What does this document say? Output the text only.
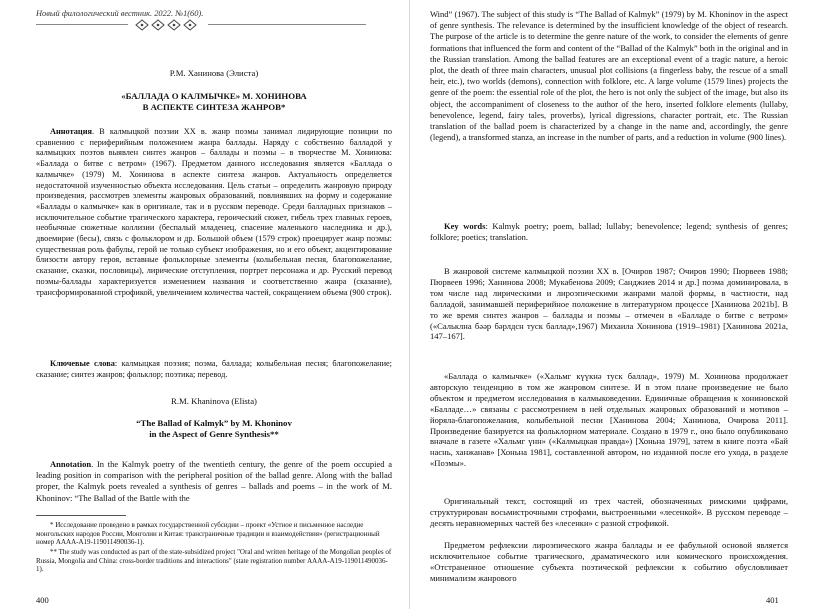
Новый филологический вестник. 2022. №1(60).
Р.М. Ханинова (Элиста)
«БАЛЛАДА О КАЛМЫЧКЕ» М. ХОНИНОВА
В АСПЕКТЕ СИНТЕЗА ЖАНРОВ*
Аннотация. В калмыцкой поэзии XX в. жанр поэмы занимал лидирующие позиции по сравнению с периферийным положением жанра баллады. Наряду с собственно балладой у калмыцких поэтов выявлен синтез жанров – баллады и поэмы – в творчестве М. Хонинова: «Баллада о битве с ветром» (1967). Предметом данного исследования является «Баллада о калмычке» (1979) М. Хонинова в аспекте синтеза жанров. Актуальность определяется недостаточной изученностью объекта исследования. Цель статьи – определить жанровую природу произведения, рассмотрев элементы жанровых образований, повлиявших на форму и содержание «Баллады о калмычке» как в оригинале, так и в русском переводе. Среди балладных признаков – исключительное событие трагического характера, героический сюжет, гибель трех главных героев, необычные сюжетные коллизии (беспалый младенец, спасение маленького наследника и др.), двоемирие (бесы), связь с фольклором и др. Большой объем (1579 строк) проецирует жанр поэмы: существенная роль фабулы, герой не только субъект изображения, но и его объект, акцентирование близости автору героя, вставные фольклорные элементы (колыбельная песня, благопожелание, сказание, сказки, пословицы), лирические отступления, портрет персонажа и др. Русский перевод поэмы-баллады характеризуется изменением названия и соответственно жанра (сказание), трансформированной строфикой, увеличением количества частей, сокращением объема (900 строк).
Ключевые слова: калмыцкая поэзия; поэма, баллада; колыбельная песня; благопожелание; сказание; синтез жанров; фольклор; поэтика; перевод.
R.M. Khaninova (Elista)
“The Ballad of Kalmyk” by M. Khoninov
in the Aspect of Genre Synthesis**
Annotation. In the Kalmyk poetry of the twentieth century, the genre of the poem occupied a leading position in comparison with the peripheral position of the ballad genre. Along with the ballad proper, the Kalmyk poets revealed a synthesis of genres – ballads and poems – in the work of M. Khoninov: “The Ballad of the Battle with the
* Исследование проведено в рамках государственной субсидии – проект «Устное и письменное наследие монгольских народов России, Монголии и Китая: трансграничные традиции и взаимодействия» (регистрационный номер АААА-А19-119011490036-1).
** The study was conducted as part of the state-subsidized project "Oral and written heritage of the Mongolian peoples of Russia, Mongolia and China: cross-border traditions and interactions" (state registration number АААА-А19-119011490036-1).
400
Wind” (1967). The subject of this study is “The Ballad of Kalmyk” (1979) by M. Khoninov in the aspect of genre synthesis. The relevance is determined by the insufficient knowledge of the object of research. The purpose of the article is to determine the genre nature of the work, to consider the elements of genre formations that influenced the form and content of the “Ballad of the Kalmyk” both in the original and in the Russian translation. Among the ballad features are an exceptional event of a tragic nature, a heroic plot, the death of three main characters, unusual plot collisions (a fingerless baby, the rescue of a small heir, etc.), two worlds (demons), connection with folklore, etc. A large volume (1579 lines) projects the genre of the poem: the essential role of the plot, the hero is not only the subject of the image, but also its object, the accompaniment of closeness to the author of the hero, inserted folklore elements (lullaby, benevolence, legend, fairy tales, proverbs), lyrical digressions, character portrait, etc. The Russian translation of the ballad poem is characterized by a change in the name and, accordingly, the genre (legend), a transformed stanza, an increase in the number of parts, and a reduction in volume (900 lines).
Key words: Kalmyk poetry; poem, ballad; lullaby; benevolence; legend; synthesis of genres; folklore; poetics; translation.
В жанровой системе калмыцкой поэзии XX в. [Очиров 1987; Очиров 1990; Пюрвеев 1988; Пюрвеев 1996; Ханинова 2008; Мукабенова 2009; Санджиев 2014 и др.] поэма доминировала, в том числе над лирическими и лироэпическими жанрами малой формы, в частности, над балладой, занимавшей периферийное положение в литературном процессе [Ханинова 2021b]. В то же время синтез жанров – баллады и поэмы – отмечен в «Балладе о битве с ветром» («Сальклна бәәр бәрлдсн туск баллад»,1967) Михаила Хонинова (1919–1981) [Ханинова 2021a, 147–167].
«Баллада о калмычке» («Хальмг күүкнә туск баллад», 1979) М. Хонинова продолжает авторскую тенденцию в том же жанровом синтезе. И в этом плане произведение не было объектом и предметом исследования в калмыковедении. Единичные обращения к хониновской «Балладе…» связаны с рассмотрением в ней отдельных жанровых образований и мотивов – йоряла-благопожелания, колыбельной песни [Ханинова 2004; Ханинова, Очирова 2011]. Произведение базируется на фольклорном материале. Создано в 1979 г., оно было опубликовано вначале в газете «Хальмг үнн» («Калмыцкая правда») [Хоньна 1979], затем в книге поэта «Бай наснь, ханжанав» [Хоньна 1981], составленной автором, но изданной после его ухода, в разделе «Поэмы».
Оригинальный текст, состоящий из трех частей, обозначенных римскими цифрами, структурирован восьмистрочными строфами, выстроенными «лесенкой». В русском переводе – десять неравномерных частей без «лесенки» с разной строфикой.
Предметом рефлексии лироэпического жанра баллады и ее фабульной основой является исключительное событие трагического, драматического или комического происхождения. «Отстраненное отношение субъекта поэтической рефлексии к событию обусловливает минимализм жанрового
401
